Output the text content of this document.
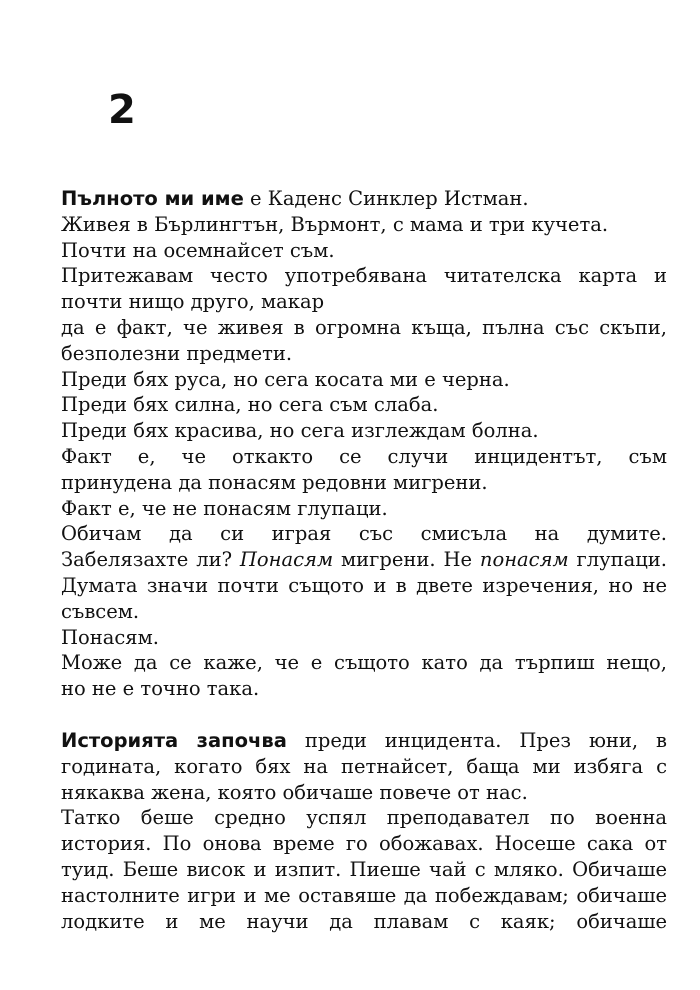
2

Пълното ми име е Каденс Синклер Истман.

Живея в Бърлингтън, Върмонт, с мама и три кучета.

Почти на осемнайсет съм.

Притежавам често употребявана читателска карта и

почти нищо друго, макар

да е факт, че живея в огромна къща, пълна със скъпи,

безполезни предмети.

Преди бях руса, но сега косата ми е черна.

Преди бях силна, но сега съм слаба.

Преди бях красива, но сега изглеждам болна.

Факт е, че откакто се случи инцидентът, съм

принудена да понасям редовни мигрени.

Факт е, че не понасям глупаци.

Обичам да си играя със смисъла на думите.

Забелязахте ли? Понасям мигрени. Не понасям глупаци.

Думата значи почти същото и в двете изречения, но не

съвсем.

Понасям.

Може да се каже, че е същото като да търпиш нещо,

но не е точно така.

Историята започва преди инцидента. През юни, в

годината, когато бях на петнайсет, баща ми избяга с

някаква жена, която обичаше повече от нас.

Татко беше средно успял преподавател по военна

история. По онова време го обожавах. Носеше сака от

туид. Беше висок и изпит. Пиеше чай с мляко. Обичаше

настолните игри и ме оставяше да побеждавам; обичаше

лодките и ме научи да плавам с каяк; обичаше
